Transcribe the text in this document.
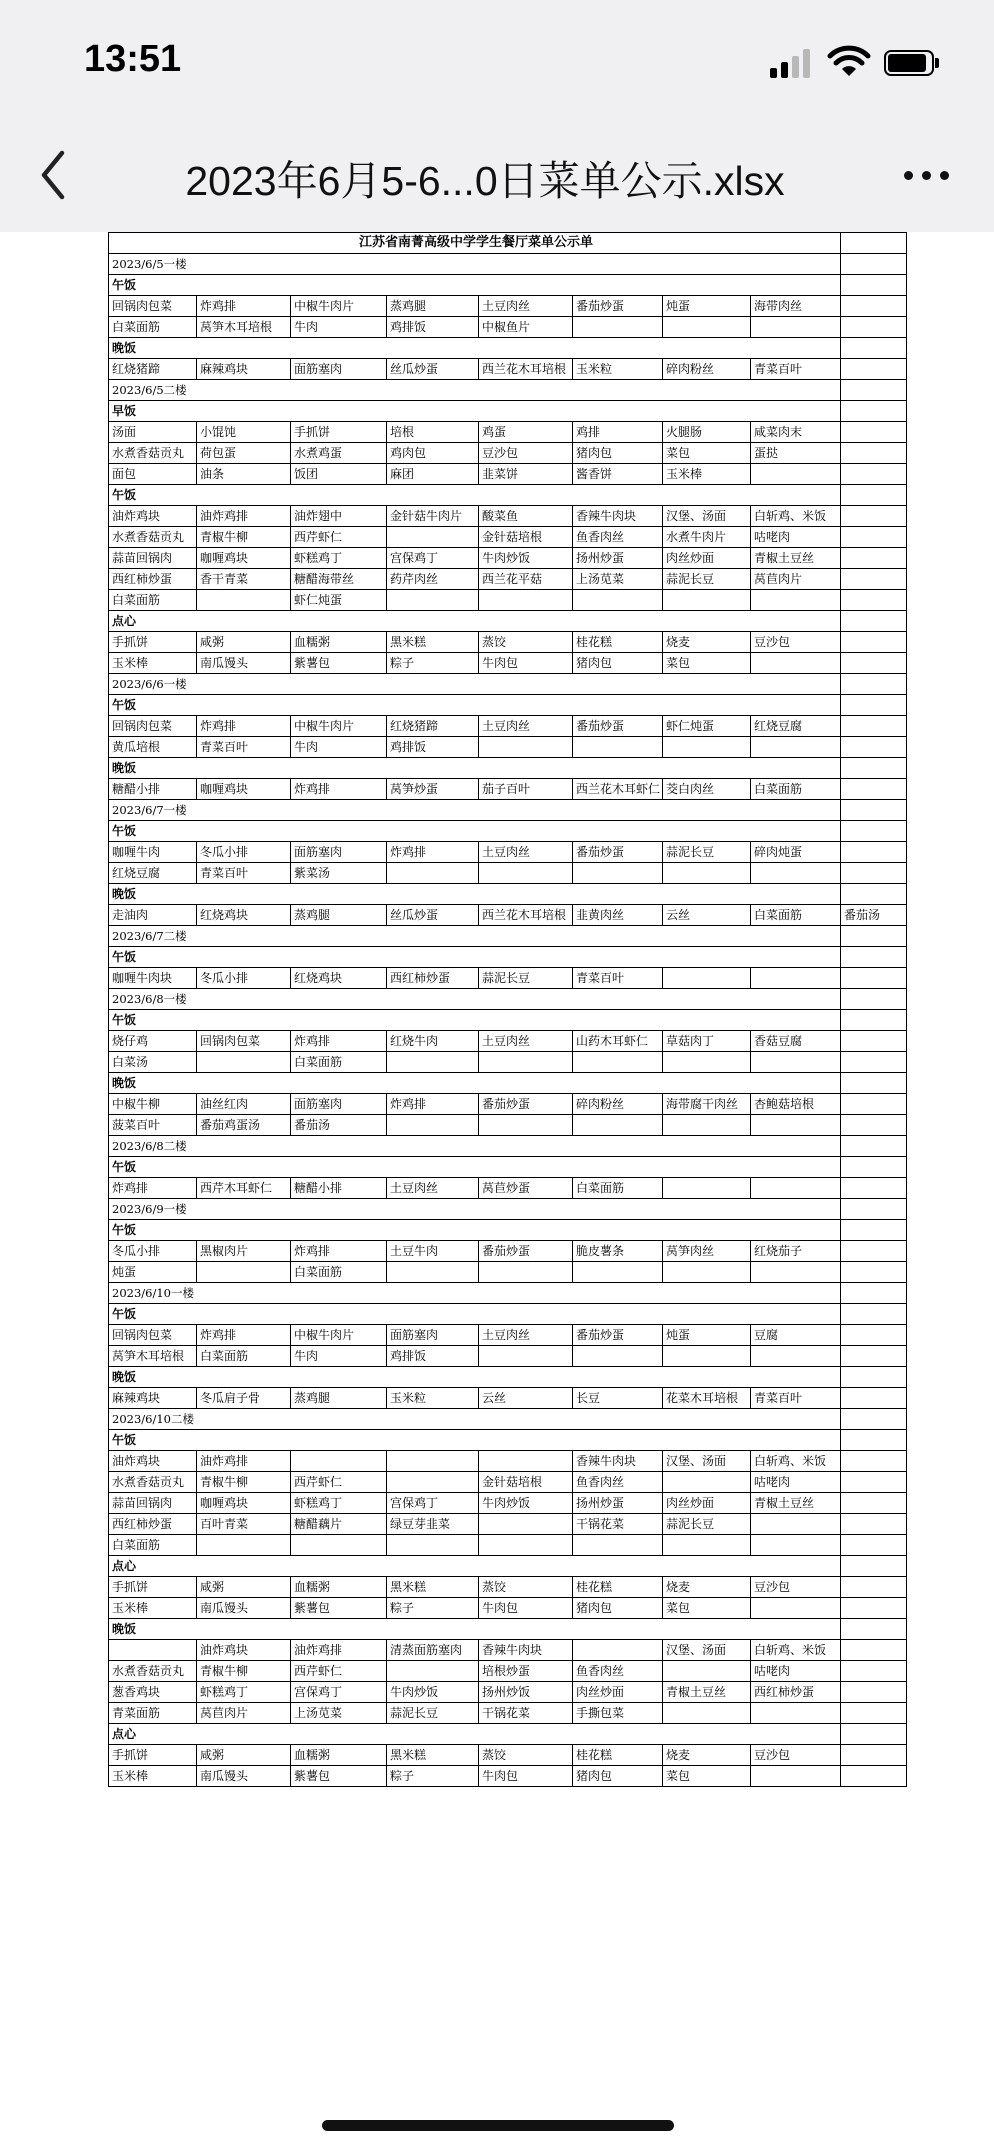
13:51
2023年6月5-6...0日菜单公示.xlsx
江苏省南菁高级中学学生餐厅菜单公示单								
2023/6/5一楼								
午饭								
回锅肉包菜	炸鸡排	中椒牛肉片	蒸鸡腿	土豆肉丝	番茄炒蛋	炖蛋	海带肉丝	
白菜面筋	莴笋木耳培根	牛肉	鸡排饭	中椒鱼片				
晚饭								
红烧猪蹄	麻辣鸡块	面筋塞肉	丝瓜炒蛋	西兰花木耳培根	玉米粒	碎肉粉丝	青菜百叶	
2023/6/5二楼								
早饭								
汤面	小馄饨	手抓饼	培根	鸡蛋	鸡排	火腿肠	咸菜肉末	
水煮香菇贡丸	荷包蛋	水煮鸡蛋	鸡肉包	豆沙包	猪肉包	菜包	蛋挞	
面包	油条	饭团	麻团	韭菜饼	酱香饼	玉米棒		
午饭								
油炸鸡块	油炸鸡排	油炸翅中	金针菇牛肉片	酸菜鱼	香辣牛肉块	汉堡、汤面	白斩鸡、米饭	
水煮香菇贡丸	青椒牛柳	西芹虾仁		金针菇培根	鱼香肉丝	水煮牛肉片	咕咾肉	
蒜苗回锅肉	咖喱鸡块	虾糕鸡丁	宫保鸡丁	牛肉炒饭	扬州炒蛋	肉丝炒面	青椒土豆丝	
西红柿炒蛋	香干青菜	糖醋海带丝	药芹肉丝	西兰花平菇	上汤苋菜	蒜泥长豆	莴苣肉片	
白菜面筋		虾仁炖蛋						
点心								
手抓饼	咸粥	血糯粥	黑米糕	蒸饺	桂花糕	烧麦	豆沙包	
玉米棒	南瓜馒头	紫薯包	粽子	牛肉包	猪肉包	菜包		
2023/6/6一楼								
午饭								
回锅肉包菜	炸鸡排	中椒牛肉片	红烧猪蹄	土豆肉丝	番茄炒蛋	虾仁炖蛋	红烧豆腐	
黄瓜培根	青菜百叶	牛肉	鸡排饭					
晚饭								
糖醋小排	咖喱鸡块	炸鸡排	莴笋炒蛋	茄子百叶	西兰花木耳虾仁	茭白肉丝	白菜面筋	
2023/6/7一楼								
午饭								
咖喱牛肉	冬瓜小排	面筋塞肉	炸鸡排	土豆肉丝	番茄炒蛋	蒜泥长豆	碎肉炖蛋	
红烧豆腐	青菜百叶	紫菜汤						
晚饭								
走油肉	红烧鸡块	蒸鸡腿	丝瓜炒蛋	西兰花木耳培根	韭黄肉丝	云丝	白菜面筋	番茄汤
2023/6/7二楼								
午饭								
咖喱牛肉块	冬瓜小排	红烧鸡块	西红柿炒蛋	蒜泥长豆	青菜百叶			
2023/6/8一楼								
午饭								
烧仔鸡	回锅肉包菜	炸鸡排	红烧牛肉	土豆肉丝	山药木耳虾仁	草菇肉丁	香菇豆腐	
白菜汤		白菜面筋						
晚饭								
中椒牛柳	油丝红肉	面筋塞肉	炸鸡排	番茄炒蛋	碎肉粉丝	海带腐干肉丝	杏鲍菇培根	
菠菜百叶	番茄鸡蛋汤	番茄汤						
2023/6/8二楼								
午饭								
炸鸡排	西芹木耳虾仁	糖醋小排	土豆肉丝	莴苣炒蛋	白菜面筋			
2023/6/9一楼								
午饭								
冬瓜小排	黑椒肉片	炸鸡排	土豆牛肉	番茄炒蛋	脆皮薯条	莴笋肉丝	红烧茄子	
炖蛋		白菜面筋						
2023/6/10一楼								
午饭								
回锅肉包菜	炸鸡排	中椒牛肉片	面筋塞肉	土豆肉丝	番茄炒蛋	炖蛋	豆腐	
莴笋木耳培根	白菜面筋	牛肉	鸡排饭					
晚饭								
麻辣鸡块	冬瓜肩子骨	蒸鸡腿	玉米粒	云丝	长豆	花菜木耳培根	青菜百叶	
2023/6/10二楼								
午饭								
油炸鸡块	油炸鸡排				香辣牛肉块	汉堡、汤面	白斩鸡、米饭	
水煮香菇贡丸	青椒牛柳	西芹虾仁		金针菇培根	鱼香肉丝		咕咾肉	
蒜苗回锅肉	咖喱鸡块	虾糕鸡丁	宫保鸡丁	牛肉炒饭	扬州炒蛋	肉丝炒面	青椒土豆丝	
西红柿炒蛋	百叶青菜	糖醋藕片	绿豆芽韭菜		干锅花菜	蒜泥长豆		
白菜面筋								
点心								
手抓饼	咸粥	血糯粥	黑米糕	蒸饺	桂花糕	烧麦	豆沙包	
玉米棒	南瓜馒头	紫薯包	粽子	牛肉包	猪肉包	菜包		
晚饭								
	油炸鸡块	油炸鸡排	清蒸面筋塞肉	香辣牛肉块		汉堡、汤面	白斩鸡、米饭	
水煮香菇贡丸	青椒牛柳	西芹虾仁		培根炒蛋	鱼香肉丝		咕咾肉	
葱香鸡块	虾糕鸡丁	宫保鸡丁	牛肉炒饭	扬州炒饭	肉丝炒面	青椒土豆丝	西红柿炒蛋	
青菜面筋	莴苣肉片	上汤苋菜	蒜泥长豆	干锅花菜	手撕包菜			
点心								
手抓饼	咸粥	血糯粥	黑米糕	蒸饺	桂花糕	烧麦	豆沙包	
玉米棒	南瓜馒头	紫薯包	粽子	牛肉包	猪肉包	菜包		
